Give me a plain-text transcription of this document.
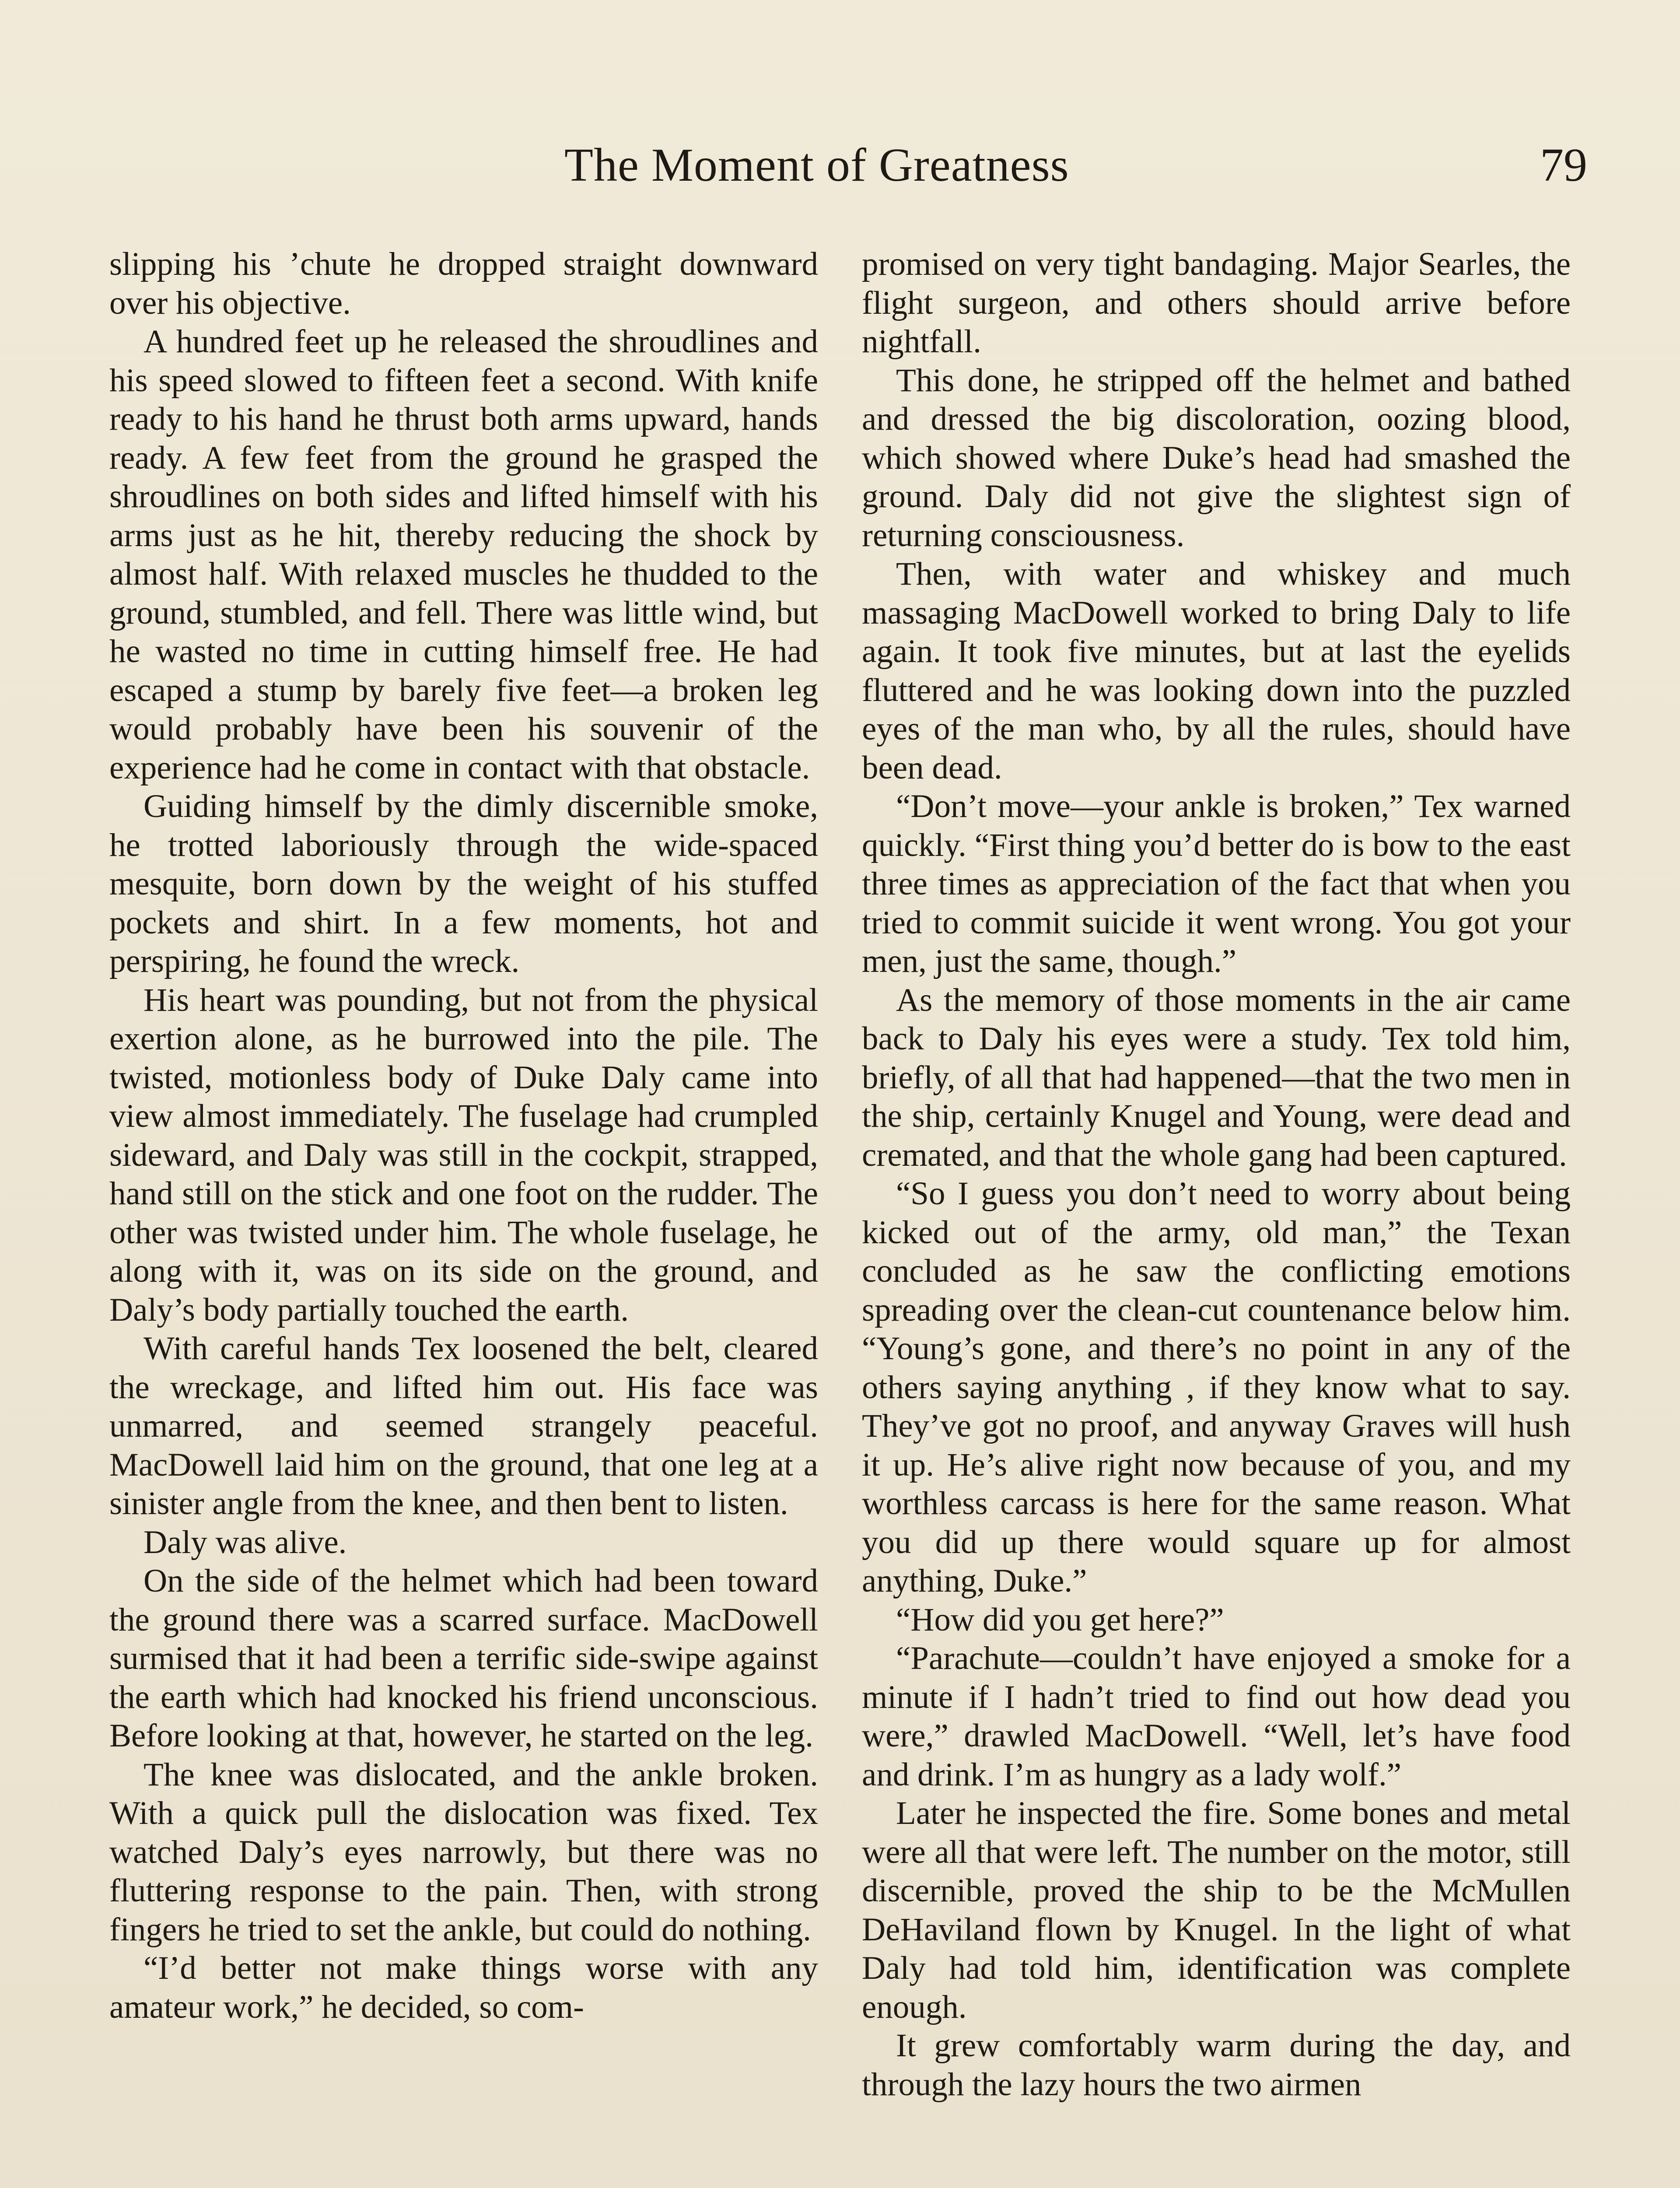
The Moment of Greatness	79

slipping his ’chute he dropped straight downward over his objective.

A hundred feet up he released the shroudlines and his speed slowed to fifteen feet a second. With knife ready to his hand he thrust both arms upward, hands ready. A few feet from the ground he grasped the shroudlines on both sides and lifted himself with his arms just as he hit, thereby reducing the shock by almost half. With relaxed muscles he thudded to the ground, stumbled, and fell. There was little wind, but he wasted no time in cutting himself free. He had escaped a stump by barely five feet—a broken leg would probably have been his souvenir of the experience had he come in contact with that obstacle.

Guiding himself by the dimly discernible smoke, he trotted laboriously through the wide-spaced mesquite, born down by the weight of his stuffed pockets and shirt. In a few moments, hot and perspiring, he found the wreck.

His heart was pounding, but not from the physical exertion alone, as he burrowed into the pile. The twisted, motionless body of Duke Daly came into view almost immediately. The fuselage had crumpled sideward, and Daly was still in the cockpit, strapped, hand still on the stick and one foot on the rudder. The other was twisted under him. The whole fuselage, he along with it, was on its side on the ground, and Daly’s body partially touched the earth.

With careful hands Tex loosened the belt, cleared the wreckage, and lifted him out. His face was unmarred, and seemed strangely peaceful. MacDowell laid him on the ground, that one leg at a sinister angle from the knee, and then bent to listen.

Daly was alive.

On the side of the helmet which had been toward the ground there was a scarred surface. MacDowell surmised that it had been a terrific side-swipe against the earth which had knocked his friend unconscious. Before looking at that, however, he started on the leg.

The knee was dislocated, and the ankle broken. With a quick pull the dislocation was fixed. Tex watched Daly’s eyes narrowly, but there was no fluttering response to the pain. Then, with strong fingers he tried to set the ankle, but could do nothing.

“I’d better not make things worse with any amateur work,” he decided, so com-

promised on very tight bandaging. Major Searles, the flight surgeon, and others should arrive before nightfall.

This done, he stripped off the helmet and bathed and dressed the big discoloration, oozing blood, which showed where Duke’s head had smashed the ground. Daly did not give the slightest sign of returning consciousness.

Then, with water and whiskey and much massaging MacDowell worked to bring Daly to life again. It took five minutes, but at last the eyelids fluttered and he was looking down into the puzzled eyes of the man who, by all the rules, should have been dead.

“Don’t move—your ankle is broken,” Tex warned quickly. “First thing you’d better do is bow to the east three times as appreciation of the fact that when you tried to commit suicide it went wrong. You got your men, just the same, though.”

As the memory of those moments in the air came back to Daly his eyes were a study. Tex told him, briefly, of all that had happened—that the two men in the ship, certainly Knugel and Young, were dead and cremated, and that the whole gang had been captured.

“So I guess you don’t need to worry about being kicked out of the army, old man,” the Texan concluded as he saw the conflicting emotions spreading over the clean-cut countenance below him. “Young’s gone, and there’s no point in any of the others saying anything , if they know what to say. They’ve got no proof, and anyway Graves will hush it up. He’s alive right now because of you, and my worthless carcass is here for the same reason. What you did up there would square up for almost anything, Duke.”

“How did you get here?”

“Parachute—couldn’t have enjoyed a smoke for a minute if I hadn’t tried to find out how dead you were,” drawled MacDowell. “Well, let’s have food and drink. I’m as hungry as a lady wolf.”

Later he inspected the fire. Some bones and metal were all that were left. The number on the motor, still discernible, proved the ship to be the McMullen DeHaviland flown by Knugel. In the light of what Daly had told him, identification was complete enough.

It grew comfortably warm during the day, and through the lazy hours the two airmen
